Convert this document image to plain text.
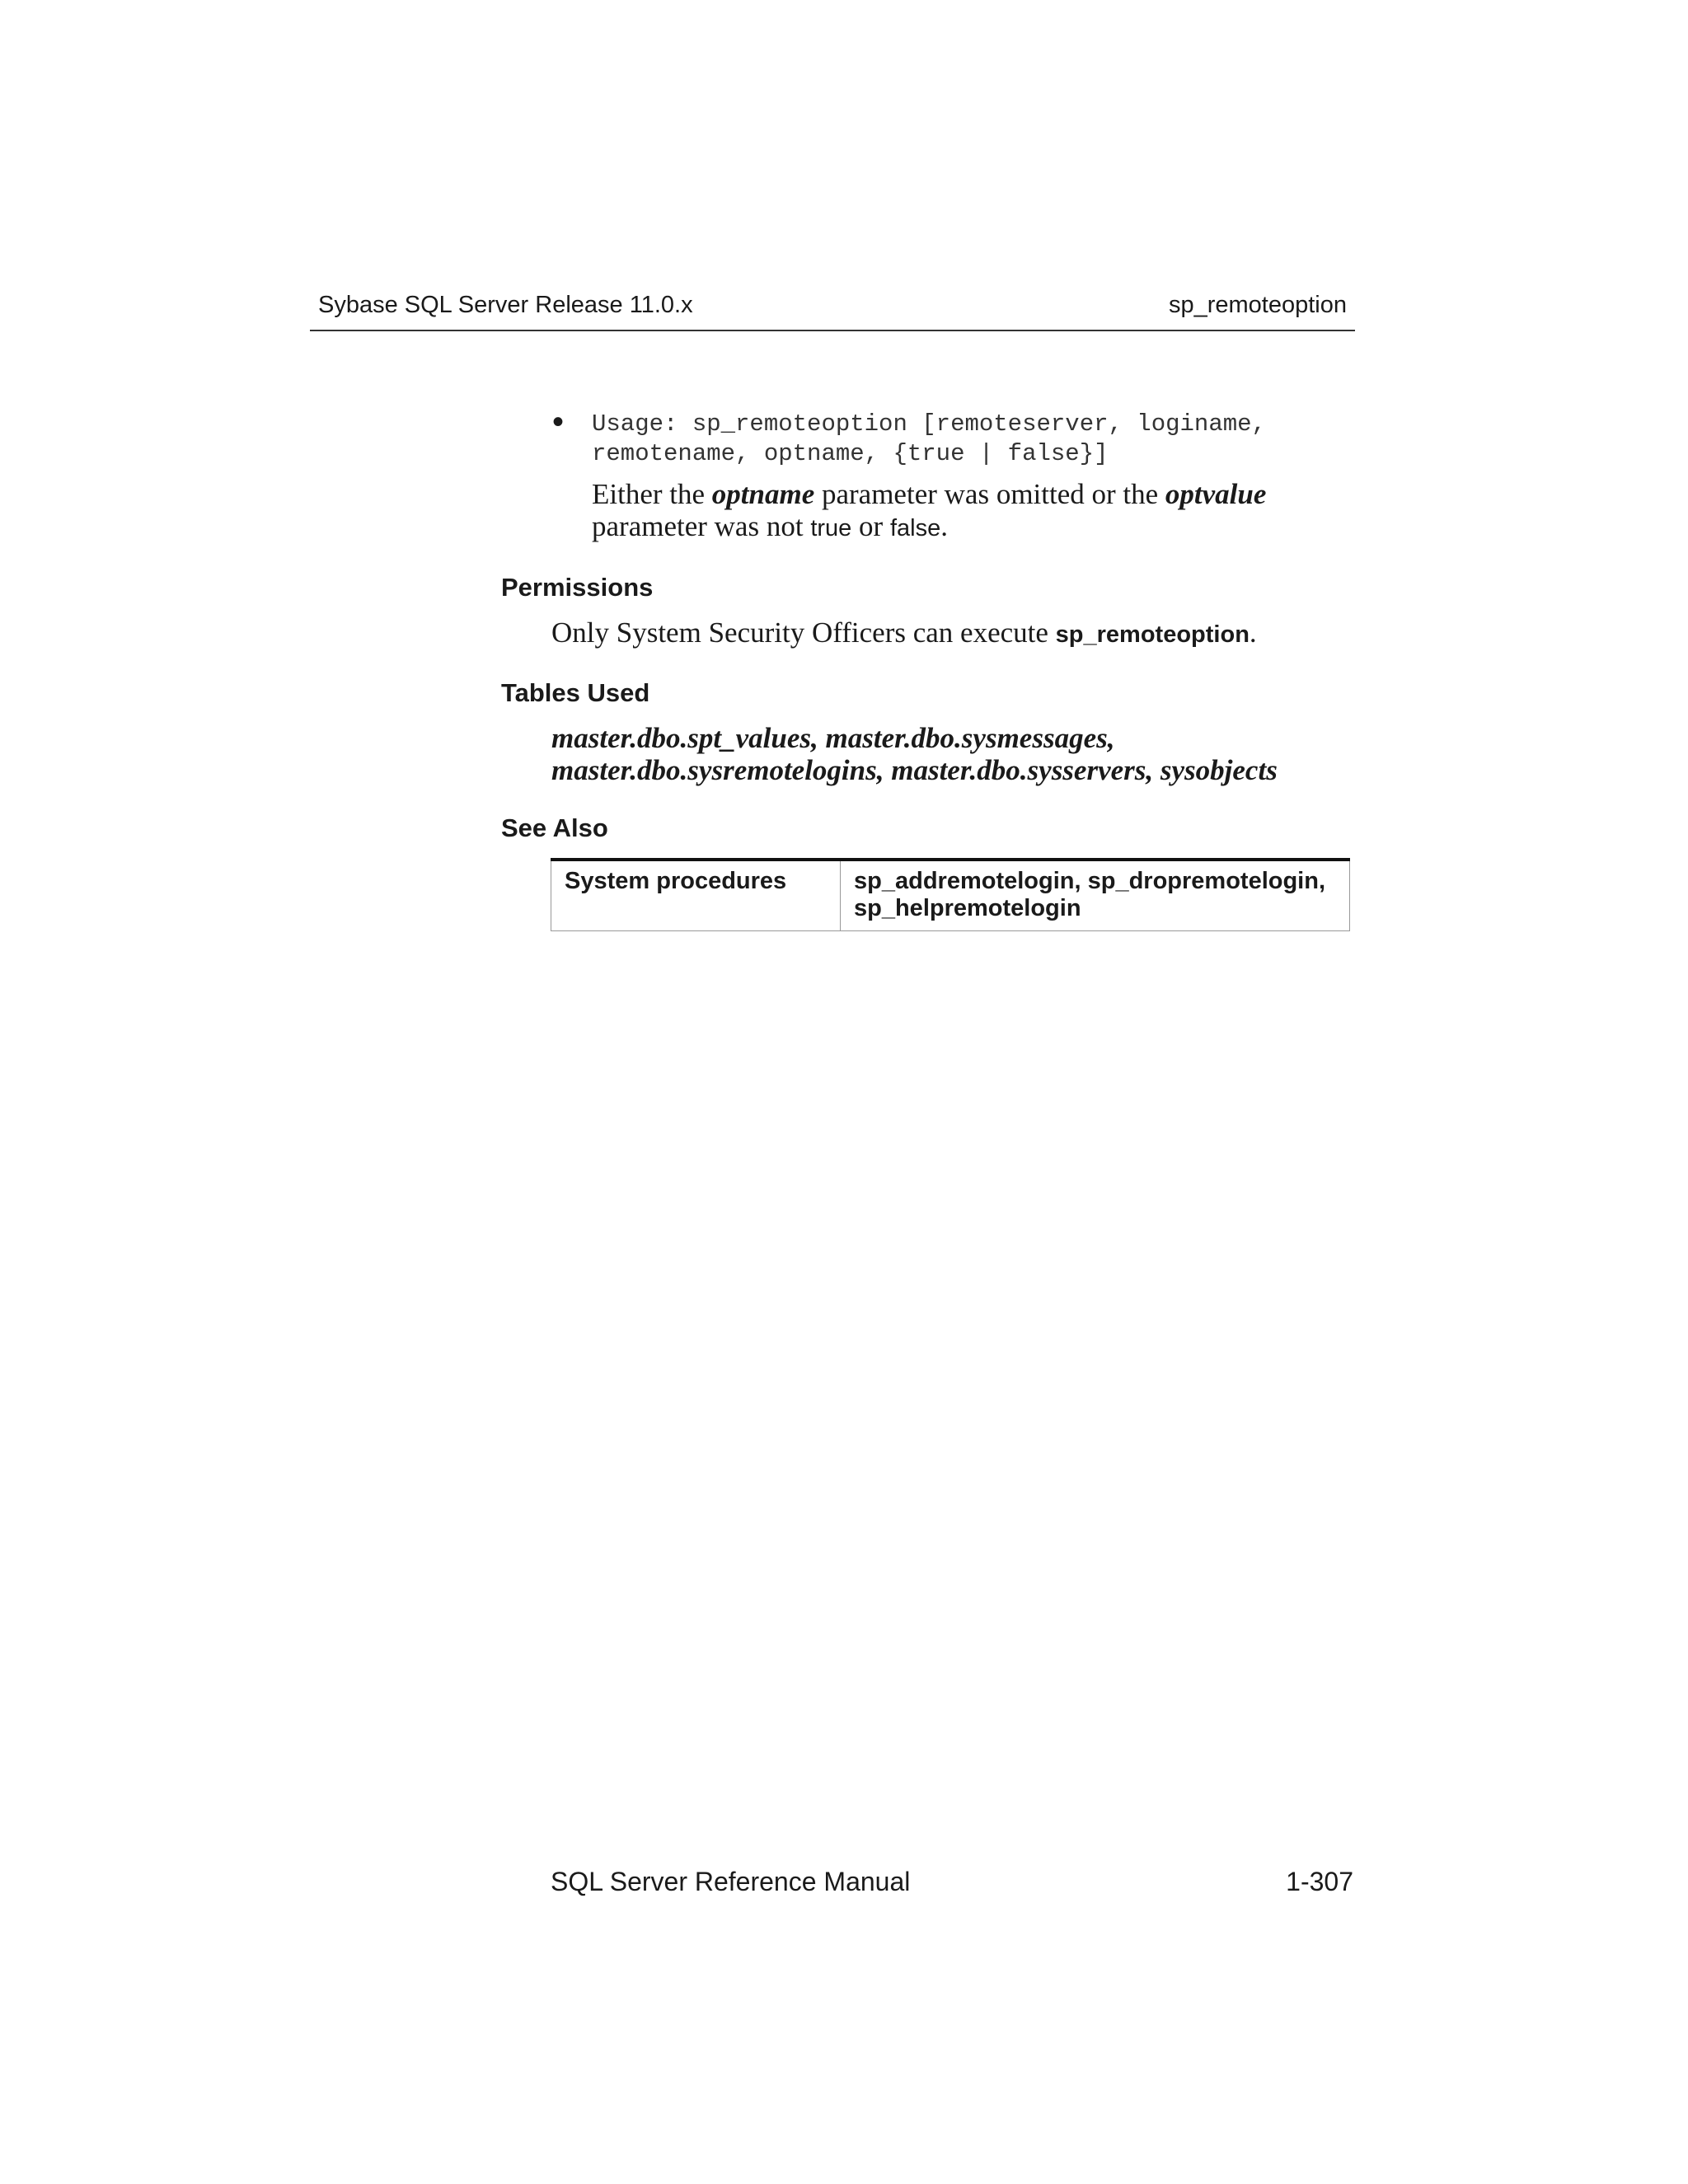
Sybase SQL Server Release 11.0.x	sp_remoteoption
• Usage: sp_remoteoption [remoteserver, loginame,
remotename, optname, {true | false}]
Either the optname parameter was omitted or the optvalue
parameter was not true or false.
Permissions
Only System Security Officers can execute sp_remoteoption.
Tables Used
master.dbo.spt_values, master.dbo.sysmessages,
master.dbo.sysremotelogins, master.dbo.sysservers, sysobjects
See Also
System procedures	sp_addremotelogin, sp_dropremotelogin,
sp_helpremotelogin
SQL Server Reference Manual	1-307
